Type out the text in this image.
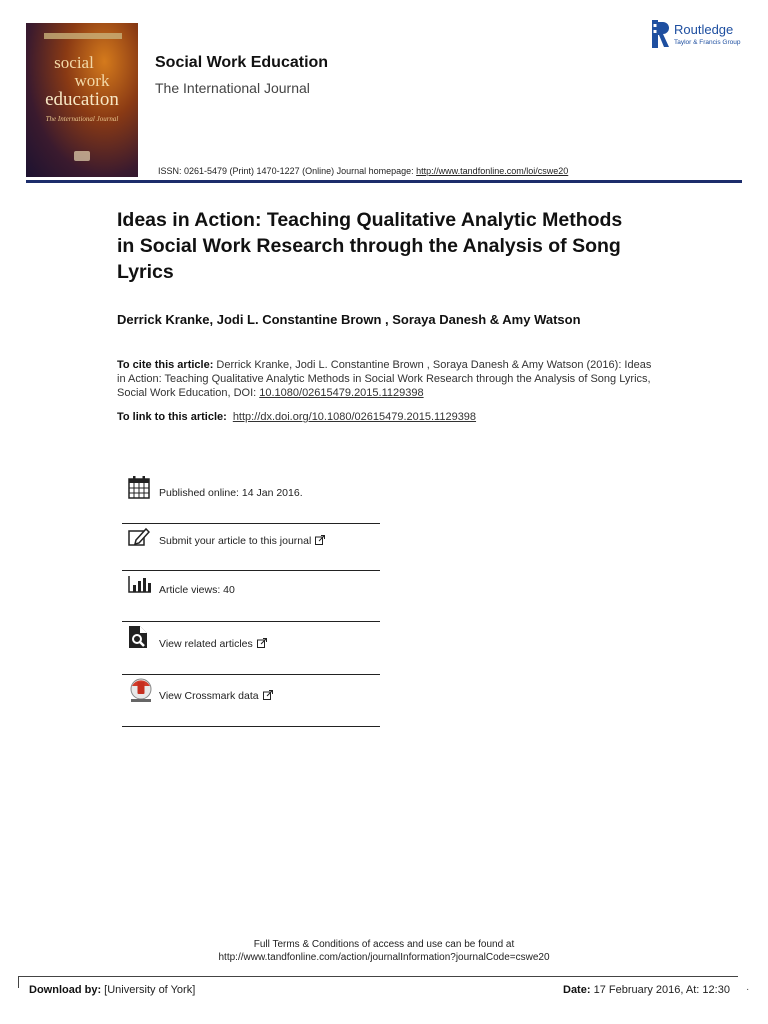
social
work
education
The International Journal
Social Work Education
The International Journal
Routledge
Taylor & Francis Group
ISSN: 0261-5479 (Print) 1470-1227 (Online) Journal homepage: http://www.tandfonline.com/loi/cswe20
Ideas in Action: Teaching Qualitative Analytic Methods in Social Work Research through the Analysis of Song Lyrics
Derrick Kranke, Jodi L. Constantine Brown , Soraya Danesh & Amy Watson
To cite this article: Derrick Kranke, Jodi L. Constantine Brown , Soraya Danesh & Amy Watson (2016): Ideas in Action: Teaching Qualitative Analytic Methods in Social Work Research through the Analysis of Song Lyrics, Social Work Education, DOI: 10.1080/02615479.2015.1129398
To link to this article: http://dx.doi.org/10.1080/02615479.2015.1129398
Published online: 14 Jan 2016.
Submit your article to this journal
Article views: 40
View related articles
View Crossmark data
Full Terms & Conditions of access and use can be found at
http://www.tandfonline.com/action/journalInformation?journalCode=cswe20
Download by: [University of York]	Date: 17 February 2016, At: 12:30	·
